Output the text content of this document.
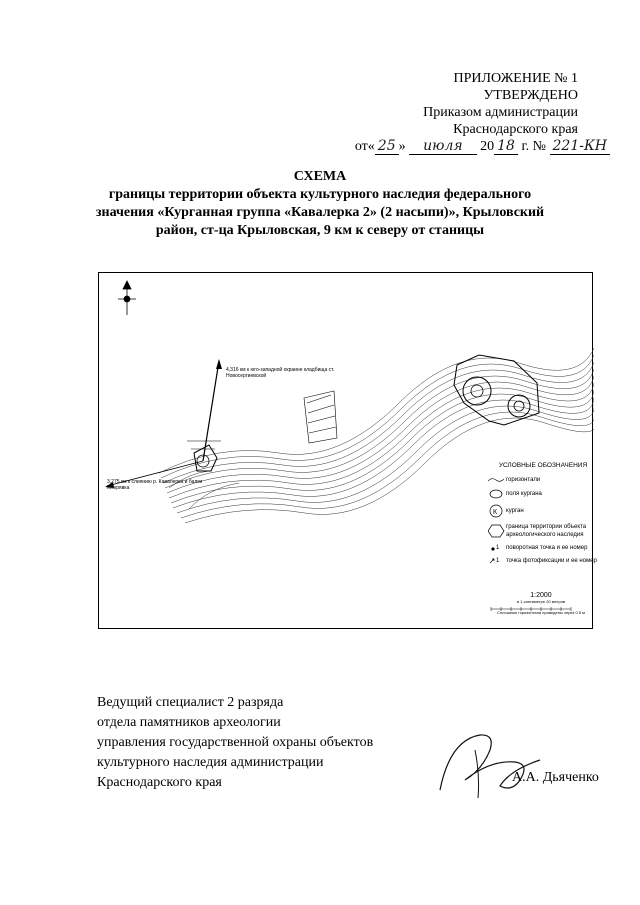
ПРИЛОЖЕНИЕ № 1
УТВЕРЖДЕНО
Приказом администрации
Краснодарского края
от« 25 » июля 20 18 г. № 221-КН
СХЕМА
границы территории объекта культурного наследия федерального
значения «Курганная группа «Кавалерка 2» (2 насыпи)», Крыловский
район, ст-ца Крыловская, 9 км к северу от станицы
4,316 км к юго-западной окраине кладбища ст. Новосергиевской
3,275 км к слиянию р. Кавалерка и балки Мокрявка
УСЛОВНЫЕ ОБОЗНАЧЕНИЯ
горизонтали
поля кургана
К курган
граница территории объекта археологического наследия
1 поворотная точка и ее номер
1 точка фотофиксации и ее номер
1:2000
в 1 сантиметре 20 метров
Сплошные горизонтали проведены через 0.5 м
Ведущий специалист 2 разряда
отдела памятников археологии
управления государственной охраны объектов
культурного наследия администрации
Краснодарского края	А.А. Дьяченко
